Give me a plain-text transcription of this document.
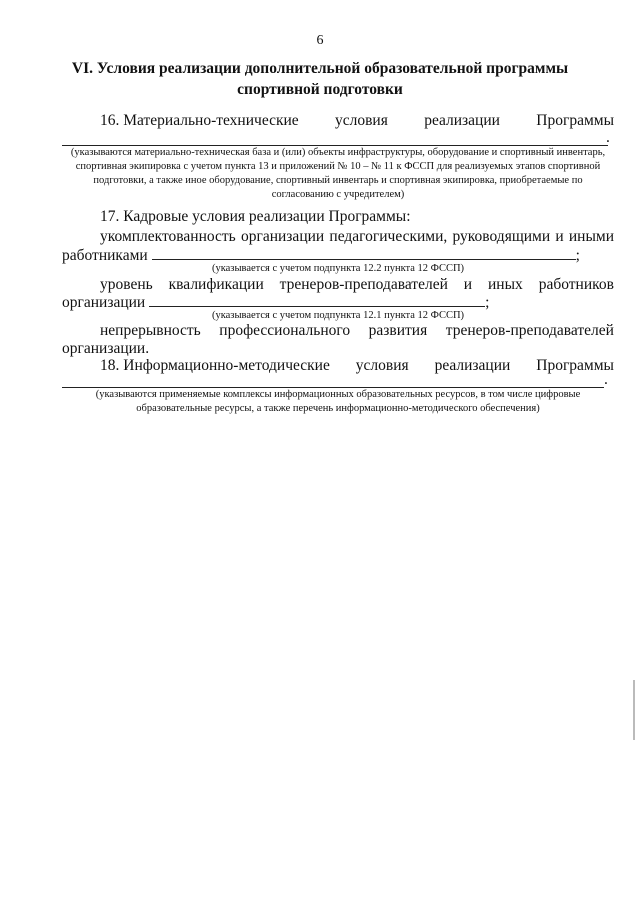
6
VI. Условия реализации дополнительной образовательной программы
спортивной подготовки
16. Материально-технические условия реализации Программы
.
(указываются материально-техническая база и (или) объекты инфраструктуры, оборудование и спортивный инвентарь, спортивная экипировка с учетом пункта 13 и приложений № 10 – № 11 к ФССП для реализуемых этапов спортивной подготовки, а также иное оборудование, спортивный инвентарь и спортивная экипировка, приобретаемые по согласованию с учредителем)
17. Кадровые условия реализации Программы:
укомплектованность организации педагогическими, руководящими и иными
работниками	;
(указывается с учетом подпункта 12.2 пункта 12 ФССП)
уровень квалификации тренеров-преподавателей и иных работников
организации	;
(указывается с учетом подпункта 12.1 пункта 12 ФССП)
непрерывность профессионального развития тренеров-преподавателей
организации.
18. Информационно-методические условия реализации Программы
.
(указываются применяемые комплексы информационных образовательных ресурсов, в том числе цифровые образовательные ресурсы, а также перечень информационно-методического обеспечения)
